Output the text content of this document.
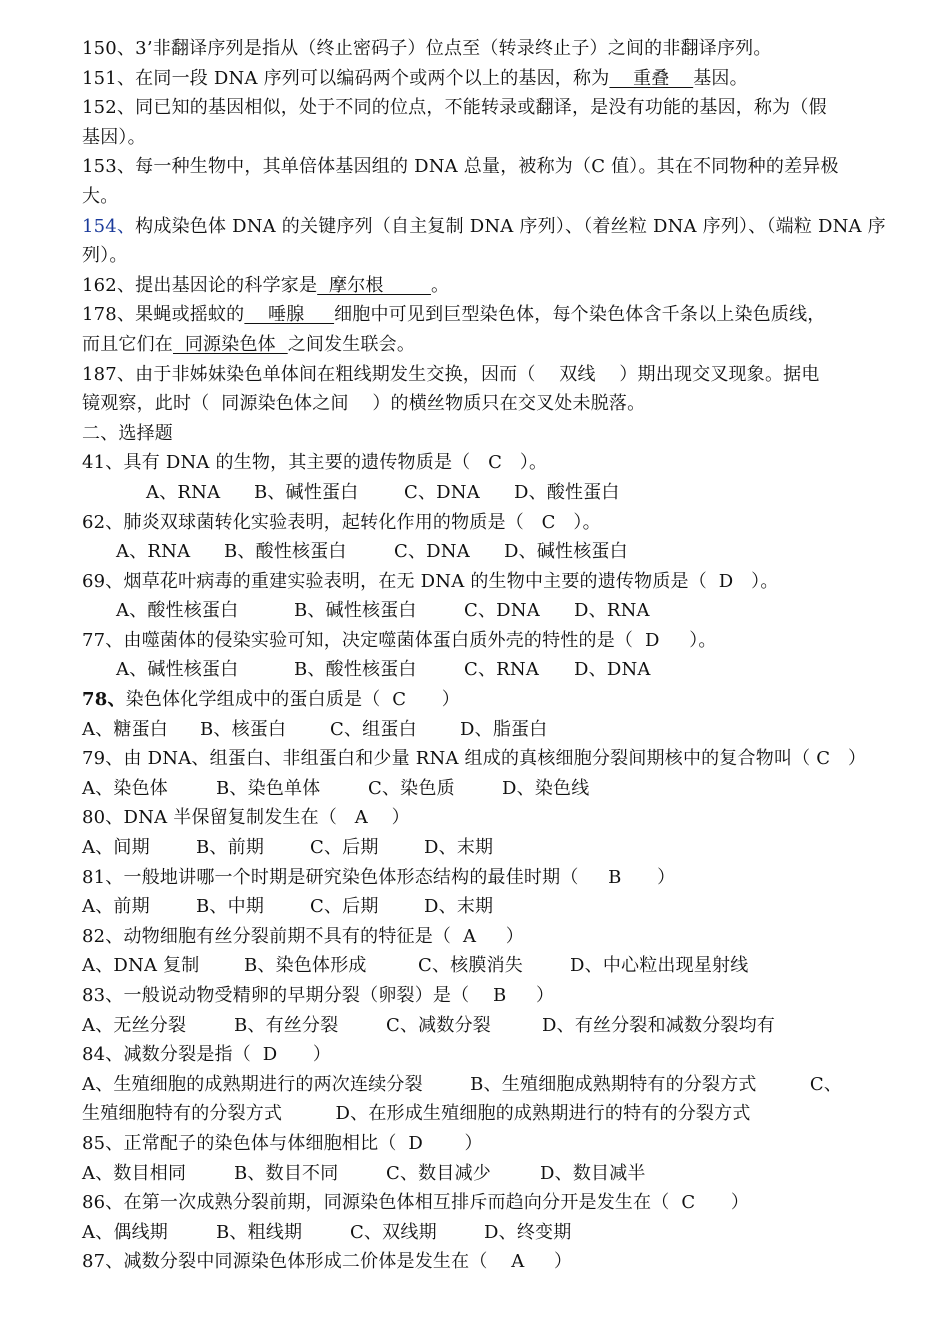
150、3’非翻译序列是指从（终止密码子）位点至（转录终止子）之间的非翻译序列。
151、在同一段 DNA 序列可以编码两个或两个以上的基因，称为    重叠    基因。
152、同已知的基因相似，处于不同的位点，不能转录或翻译，是没有功能的基因，称为（假
基因）。
153、每一种生物中，其单倍体基因组的 DNA 总量，被称为（C 值）。其在不同物种的差异极
大。
154、构成染色体 DNA 的关键序列（自主复制 DNA 序列）、（着丝粒 DNA 序列）、（端粒 DNA 序
列）。
162、提出基因论的科学家是  摩尔根        。
178、果蝇或摇蚊的    唾腺     细胞中可见到巨型染色体，每个染色体含千条以上染色质线，
而且它们在  同源染色体  之间发生联会。
187、由于非姊妹染色单体间在粗线期发生交换，因而（    双线    ）期出现交叉现象。据电
镜观察，此时（  同源染色体之间    ）的横丝物质只在交叉处未脱落。
二、选择题
41、具有 DNA 的生物，其主要的遗传物质是（   C   ）。
A、RNA B、碱性蛋白	C、DNA D、酸性蛋白
62、肺炎双球菌转化实验表明，起转化作用的物质是（   C   ）。
A、RNA B、酸性核蛋白	C、DNA D、碱性核蛋白
69、烟草花叶病毒的重建实验表明，在无 DNA 的生物中主要的遗传物质是（  D   ）。
A、酸性核蛋白	B、碱性核蛋白	C、DNA D、RNA
77、由噬菌体的侵染实验可知，决定噬菌体蛋白质外壳的特性的是（  D     ）。
A、碱性核蛋白	B、酸性核蛋白	C、RNA D、DNA
78、染色体化学组成中的蛋白质是（  C      ）
A、糖蛋白 B、核蛋白 C、组蛋白 D、脂蛋白
79、由 DNA、组蛋白、非组蛋白和少量 RNA 组成的真核细胞分裂间期核中的复合物叫（ C   ）
A、染色体	B、染色单体	C、染色质	D、染色线
80、DNA 半保留复制发生在（   A    ）
A、间期	B、前期	C、后期	D、末期
81、一般地讲哪一个时期是研究染色体形态结构的最佳时期（     B      ）
A、前期	B、中期	C、后期	D、末期
82、动物细胞有丝分裂前期不具有的特征是（  A     ）
A、DNA 复制 B、染色体形成	C、核膜消失	D、中心粒出现星射线
83、一般说动物受精卵的早期分裂（卵裂）是（    B     ）
A、无丝分裂	B、有丝分裂	C、减数分裂	D、有丝分裂和减数分裂均有
84、减数分裂是指（  D      ）
A、生殖细胞的成熟期进行的两次连续分裂        B、生殖细胞成熟期特有的分裂方式         C、
生殖细胞特有的分裂方式         D、在形成生殖细胞的成熟期进行的特有的分裂方式
85、正常配子的染色体与体细胞相比（  D       ）
A、数目相同	B、数目不同	C、数目减少	D、数目减半
86、在第一次成熟分裂前期，同源染色体相互排斥而趋向分开是发生在（  C      ）
A、偶线期	B、粗线期	C、双线期	D、终变期
87、减数分裂中同源染色体形成二价体是发生在（    A     ）
